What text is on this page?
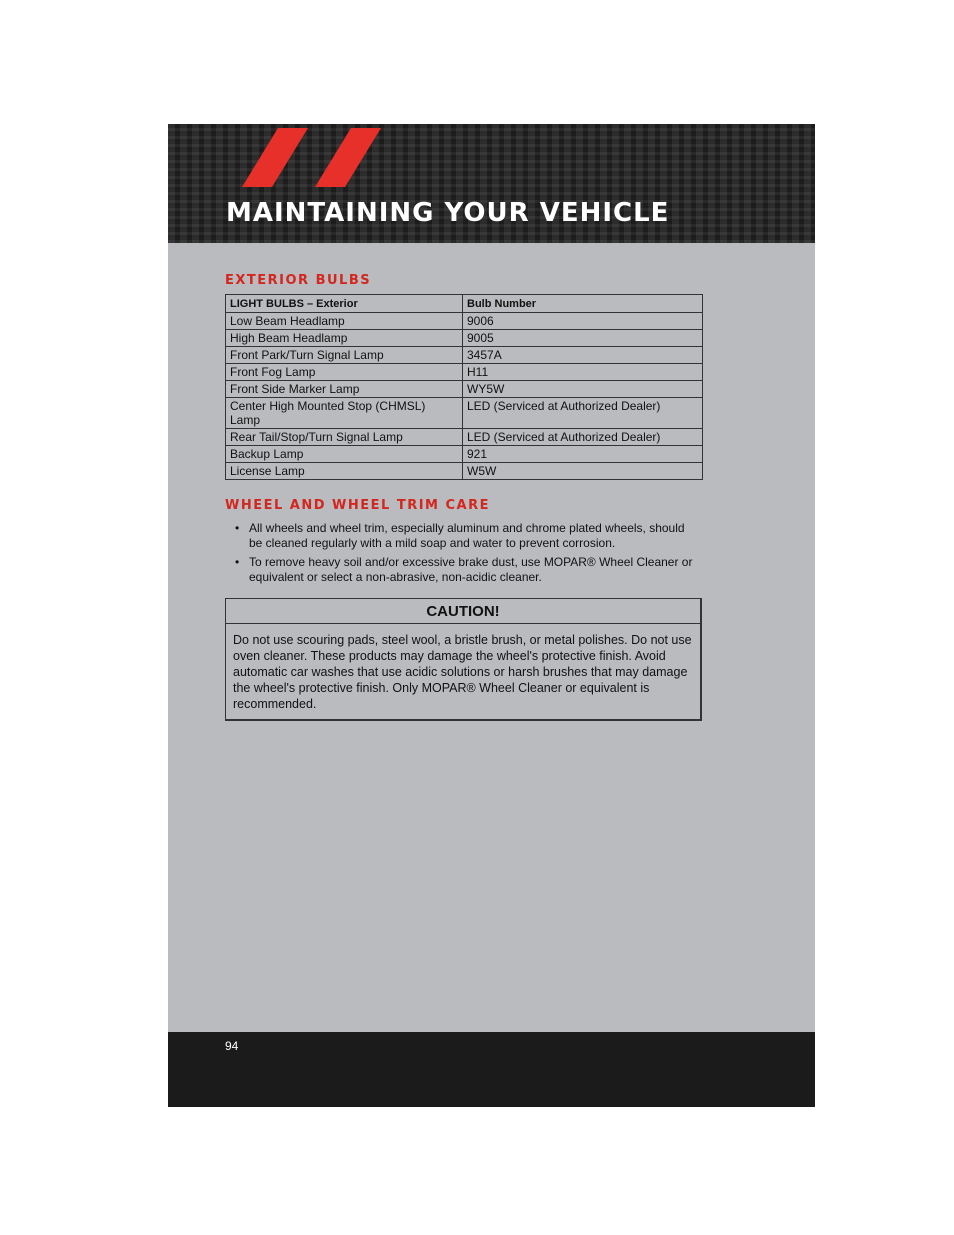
MAINTAINING YOUR VEHICLE
EXTERIOR BULBS
LIGHT BULBS – Exterior	Bulb Number
Low Beam Headlamp	9006
High Beam Headlamp	9005
Front Park/Turn Signal Lamp	3457A
Front Fog Lamp	H11
Front Side Marker Lamp	WY5W
Center High Mounted Stop (CHMSL) Lamp	LED (Serviced at Authorized Dealer)
Rear Tail/Stop/Turn Signal Lamp	LED (Serviced at Authorized Dealer)
Backup Lamp	921
License Lamp	W5W
WHEEL AND WHEEL TRIM CARE
• All wheels and wheel trim, especially aluminum and chrome plated wheels, should be cleaned regularly with a mild soap and water to prevent corrosion.
• To remove heavy soil and/or excessive brake dust, use MOPAR® Wheel Cleaner or equivalent or select a non-abrasive, non-acidic cleaner.
CAUTION!
Do not use scouring pads, steel wool, a bristle brush, or metal polishes. Do not use oven cleaner. These products may damage the wheel's protective finish. Avoid automatic car washes that use acidic solutions or harsh brushes that may damage the wheel's protective finish. Only MOPAR® Wheel Cleaner or equivalent is recommended.
94
